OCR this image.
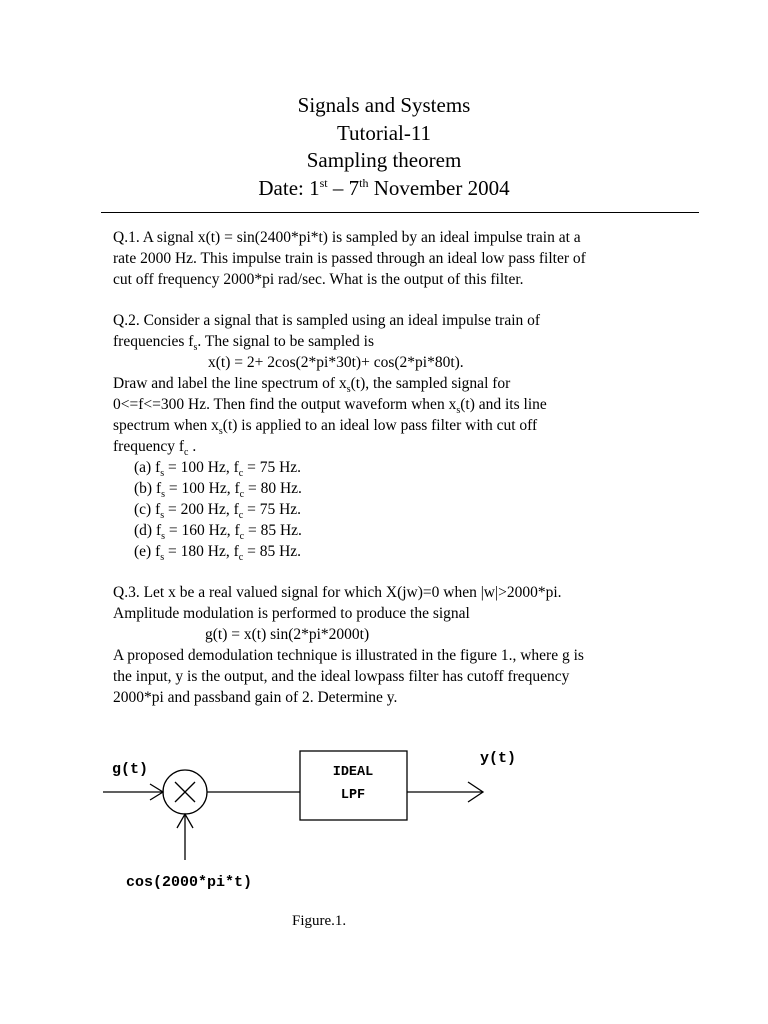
Signals and Systems
Tutorial-11
Sampling theorem
Date: 1st – 7th November 2004
Q.1. A signal x(t) = sin(2400*pi*t) is sampled by an ideal impulse train at a
rate 2000 Hz. This impulse train is passed through an ideal low pass filter of
cut off frequency 2000*pi rad/sec. What is the output of this filter.
Q.2. Consider a signal that is sampled using an ideal impulse train of
frequencies $f_s$. The signal to be sampled is
x(t) = 2+ 2cos(2*pi*30t)+ cos(2*pi*80t).
Draw and label the line spectrum of $x_s(t)$, the sampled signal for
0<=f<=300 Hz. Then find the output waveform when $x_s(t)$ and its line
spectrum when $x_s(t)$ is applied to an ideal low pass filter with cut off
frequency $f_c$ .
(a) $f_s = 100$ Hz, $f_c = 75$ Hz.
(b) $f_s = 100$ Hz, $f_c = 80$ Hz.
(c) $f_s = 200$ Hz, $f_c = 75$ Hz.
(d) $f_s = 160$ Hz, $f_c = 85$ Hz.
(e) $f_s = 180$ Hz, $f_c = 85$ Hz.
Q.3. Let x be a real valued signal for which X(jw)=0 when |w|>2000*pi.
Amplitude modulation is performed to produce the signal
g(t) = x(t) sin(2*pi*2000t)
A proposed demodulation technique is illustrated in the figure 1., where g is
the input, y is the output, and the ideal lowpass filter has cutoff frequency
2000*pi and passband gain of 2. Determine y.
g(t)
y(t)
IDEAL
LPF
cos(2000*pi*t)
Figure.1.
